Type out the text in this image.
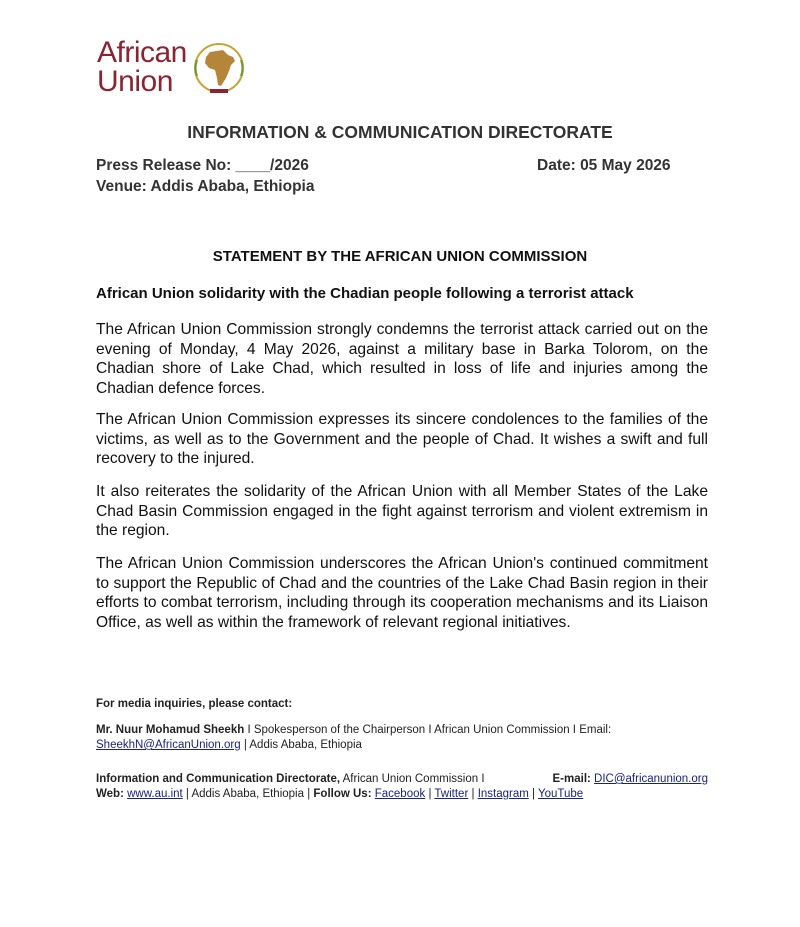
African
Union
INFORMATION & COMMUNICATION DIRECTORATE
Press Release No: ____/2026	Date: 05 May 2026
Venue: Addis Ababa, Ethiopia
STATEMENT BY THE AFRICAN UNION COMMISSION
African Union solidarity with the Chadian people following a terrorist attack
The African Union Commission strongly condemns the terrorist attack carried out on the evening of Monday, 4 May 2026, against a military base in Barka Tolorom, on the Chadian shore of Lake Chad, which resulted in loss of life and injuries among the Chadian defence forces.
The African Union Commission expresses its sincere condolences to the families of the victims, as well as to the Government and the people of Chad. It wishes a swift and full recovery to the injured.
It also reiterates the solidarity of the African Union with all Member States of the Lake Chad Basin Commission engaged in the fight against terrorism and violent extremism in the region.
The African Union Commission underscores the African Union's continued commitment to support the Republic of Chad and the countries of the Lake Chad Basin region in their efforts to combat terrorism, including through its cooperation mechanisms and its Liaison Office, as well as within the framework of relevant regional initiatives.
For media inquiries, please contact:
Mr. Nuur Mohamud Sheekh I Spokesperson of the Chairperson I African Union Commission I Email:
SheekhN@AfricanUnion.org | Addis Ababa, Ethiopia
Information and Communication Directorate, African Union Commission I	E-mail: DIC@africanunion.org
Web: www.au.int | Addis Ababa, Ethiopia | Follow Us: Facebook | Twitter | Instagram | YouTube
